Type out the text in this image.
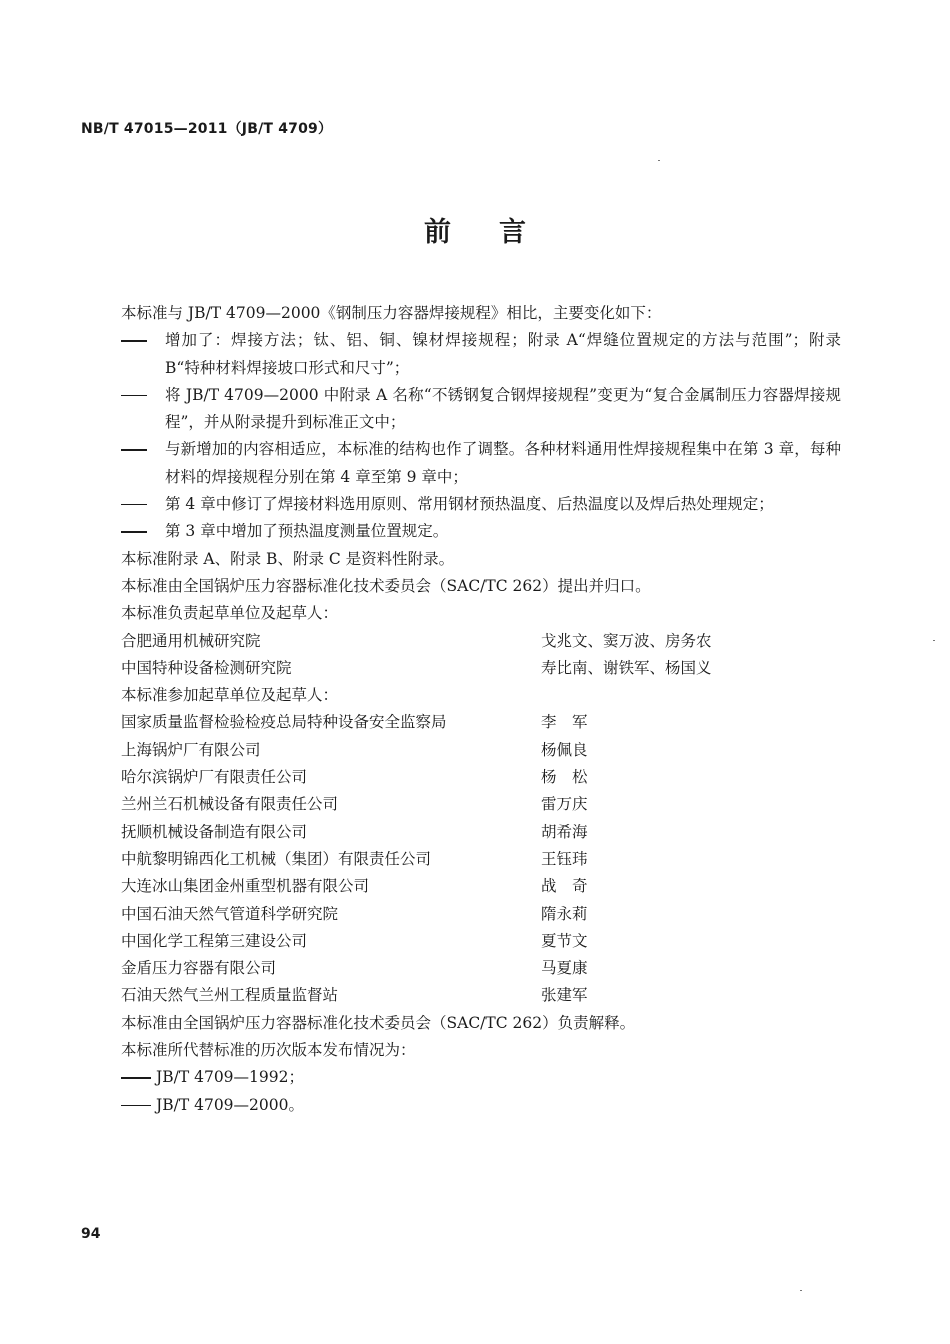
NB/T 47015—2011（JB/T 4709）
前言
本标准与 JB/T 4709—2000《钢制压力容器焊接规程》相比，主要变化如下：
增加了：焊接方法；钛、铝、铜、镍材焊接规程；附录 A“焊缝位置规定的方法与范围”；附录 B“特种材料焊接坡口形式和尺寸”；
将 JB/T 4709—2000 中附录 A 名称“不锈钢复合钢焊接规程”变更为“复合金属制压力容器焊接规程”，并从附录提升到标准正文中；
与新增加的内容相适应，本标准的结构也作了调整。各种材料通用性焊接规程集中在第 3 章，每种材料的焊接规程分别在第 4 章至第 9 章中；
第 4 章中修订了焊接材料选用原则、常用钢材预热温度、后热温度以及焊后热处理规定；
第 3 章中增加了预热温度测量位置规定。
本标准附录 A、附录 B、附录 C 是资料性附录。
本标准由全国锅炉压力容器标准化技术委员会（SAC/TC 262）提出并归口。
本标准负责起草单位及起草人：
合肥通用机械研究院	戈兆文、窦万波、房务农
中国特种设备检测研究院	寿比南、谢铁军、杨国义
本标准参加起草单位及起草人：
国家质量监督检验检疫总局特种设备安全监察局	李　军
上海锅炉厂有限公司	杨佩良
哈尔滨锅炉厂有限责任公司	杨　松
兰州兰石机械设备有限责任公司	雷万庆
抚顺机械设备制造有限公司	胡希海
中航黎明锦西化工机械（集团）有限责任公司	王钰玮
大连冰山集团金州重型机器有限公司	战　奇
中国石油天然气管道科学研究院	隋永莉
中国化学工程第三建设公司	夏节文
金盾压力容器有限公司	马夏康
石油天然气兰州工程质量监督站	张建军
本标准由全国锅炉压力容器标准化技术委员会（SAC/TC 262）负责解释。
本标准所代替标准的历次版本发布情况为：
JB/T 4709—1992；
JB/T 4709—2000。
94
